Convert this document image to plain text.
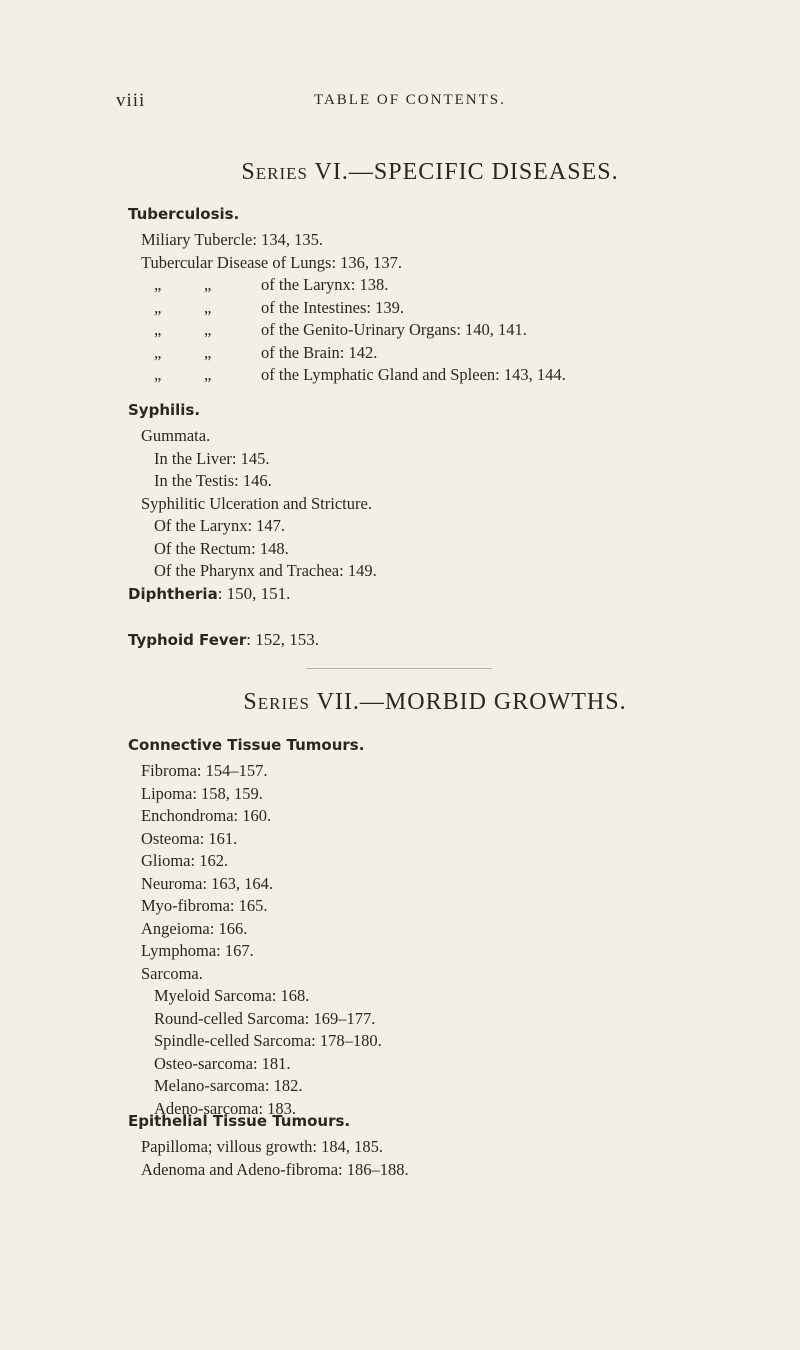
viii	TABLE OF CONTENTS.
Series VI.—SPECIFIC DISEASES.
Tuberculosis.
Miliary Tubercle: 134, 135.
Tubercular Disease of Lungs: 136, 137.
„	„	of the Larynx: 138.
„	„	of the Intestines: 139.
„	„	of the Genito-Urinary Organs: 140, 141.
„	„	of the Brain: 142.
„	„	of the Lymphatic Gland and Spleen: 143, 144.
Syphilis.
Gummata.
In the Liver: 145.
In the Testis: 146.
Syphilitic Ulceration and Stricture.
Of the Larynx: 147.
Of the Rectum: 148.
Of the Pharynx and Trachea: 149.
Diphtheria: 150, 151.
Typhoid Fever: 152, 153.
Series VII.—MORBID GROWTHS.
Connective Tissue Tumours.
Fibroma: 154–157.
Lipoma: 158, 159.
Enchondroma: 160.
Osteoma: 161.
Glioma: 162.
Neuroma: 163, 164.
Myo-fibroma: 165.
Angeioma: 166.
Lymphoma: 167.
Sarcoma.
Myeloid Sarcoma: 168.
Round-celled Sarcoma: 169–177.
Spindle-celled Sarcoma: 178–180.
Osteo-sarcoma: 181.
Melano-sarcoma: 182.
Adeno-sarcoma: 183.
Epithelial Tissue Tumours.
Papilloma; villous growth: 184, 185.
Adenoma and Adeno-fibroma: 186–188.
